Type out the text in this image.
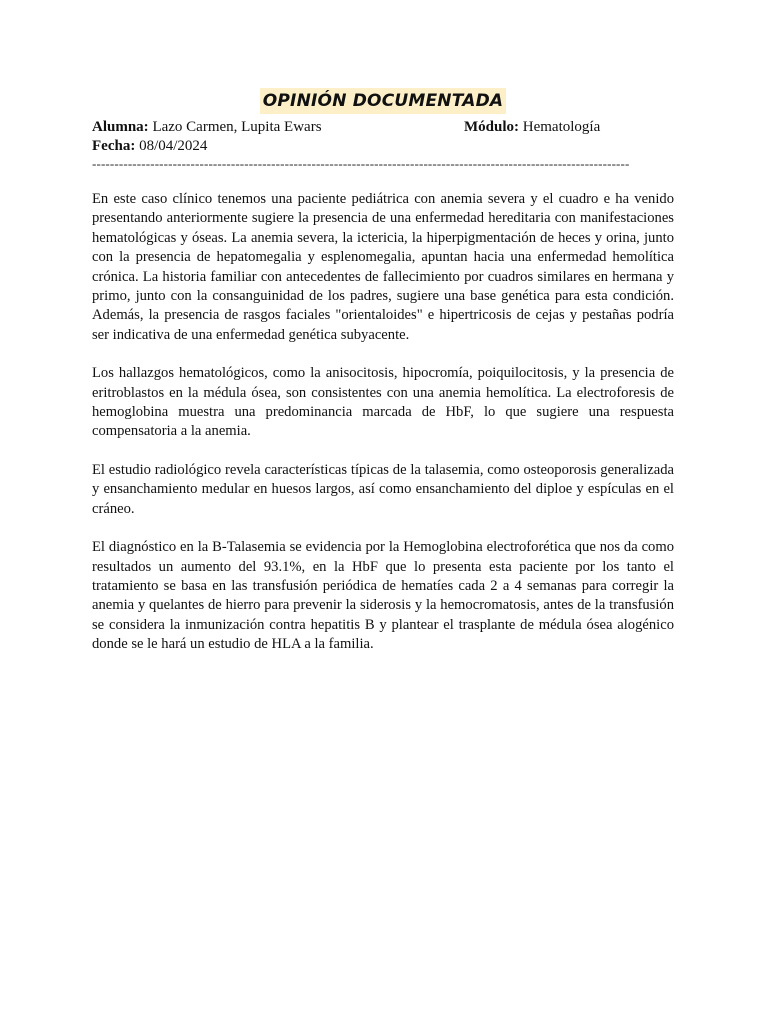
OPINIÓN DOCUMENTADA
Alumna: Lazo Carmen, Lupita Ewars	Módulo: Hematología
Fecha: 08/04/2024
------------------------------------------------------------------------------------------------------------------------

En este caso clínico tenemos una paciente pediátrica con anemia severa y el cuadro e ha venido presentando anteriormente sugiere la presencia de una enfermedad hereditaria con manifestaciones hematológicas y óseas. La anemia severa, la ictericia, la hiperpigmentación de heces y orina, junto con la presencia de hepatomegalia y esplenomegalia, apuntan hacia una enfermedad hemolítica crónica. La historia familiar con antecedentes de fallecimiento por cuadros similares en hermana y primo, junto con la consanguinidad de los padres, sugiere una base genética para esta condición. Además, la presencia de rasgos faciales "orientaloides" e hipertricosis de cejas y pestañas podría ser indicativa de una enfermedad genética subyacente.

Los hallazgos hematológicos, como la anisocitosis, hipocromía, poiquilocitosis, y la presencia de eritroblastos en la médula ósea, son consistentes con una anemia hemolítica. La electroforesis de hemoglobina muestra una predominancia marcada de HbF, lo que sugiere una respuesta compensatoria a la anemia.

El estudio radiológico revela características típicas de la talasemia, como osteoporosis generalizada y ensanchamiento medular en huesos largos, así como ensanchamiento del diploe y espículas en el cráneo.

El diagnóstico en la B-Talasemia se evidencia por la Hemoglobina electroforética que nos da como resultados un aumento del 93.1%, en la HbF que lo presenta esta paciente por los tanto el tratamiento se basa en las transfusión periódica de hematíes cada 2 a 4 semanas para corregir la anemia y quelantes de hierro para prevenir la siderosis y la hemocromatosis, antes de la transfusión se considera la inmunización contra hepatitis B y plantear el trasplante de médula ósea alogénico donde se le hará un estudio de HLA a la familia.
